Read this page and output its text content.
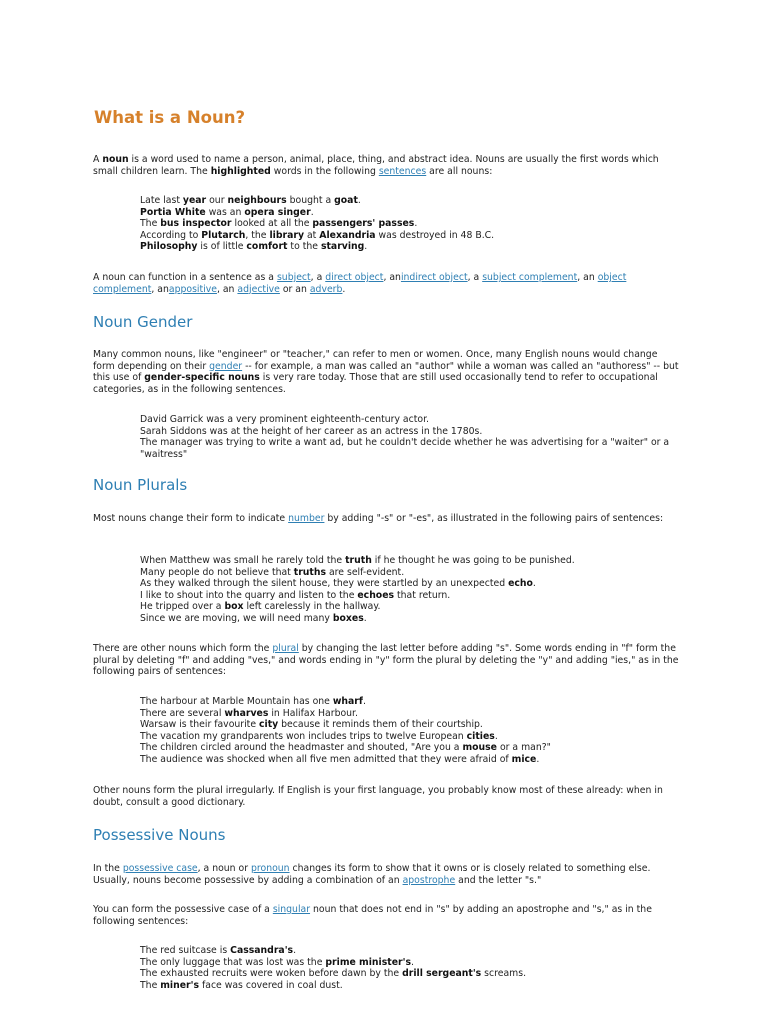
What is a Noun?

A noun is a word used to name a person, animal, place, thing, and abstract idea. Nouns are usually the first words which small children learn. The highlighted words in the following sentences are all nouns:

Late last year our neighbours bought a goat.
Portia White was an opera singer.
The bus inspector looked at all the passengers' passes.
According to Plutarch, the library at Alexandria was destroyed in 48 B.C.
Philosophy is of little comfort to the starving.

A noun can function in a sentence as a subject, a direct object, anindirect object, a subject complement, an object complement, anappositive, an adjective or an adverb.

Noun Gender

Many common nouns, like "engineer" or "teacher," can refer to men or women. Once, many English nouns would change form depending on their gender -- for example, a man was called an "author" while a woman was called an "authoress" -- but this use of gender-specific nouns is very rare today. Those that are still used occasionally tend to refer to occupational categories, as in the following sentences.

David Garrick was a very prominent eighteenth-century actor.
Sarah Siddons was at the height of her career as an actress in the 1780s.
The manager was trying to write a want ad, but he couldn't decide whether he was advertising for a "waiter" or a "waitress"
Noun Plurals

Most nouns change their form to indicate number by adding "-s" or "-es", as illustrated in the following pairs of sentences:

When Matthew was small he rarely told the truth if he thought he was going to be punished.
Many people do not believe that truths are self-evident.
As they walked through the silent house, they were startled by an unexpected echo.
I like to shout into the quarry and listen to the echoes that return.
He tripped over a box left carelessly in the hallway.
Since we are moving, we will need many boxes.

There are other nouns which form the plural by changing the last letter before adding "s". Some words ending in "f" form the plural by deleting "f" and adding "ves," and words ending in "y" form the plural by deleting the "y" and adding "ies," as in the following pairs of sentences:

The harbour at Marble Mountain has one wharf.
There are several wharves in Halifax Harbour.
Warsaw is their favourite city because it reminds them of their courtship.
The vacation my grandparents won includes trips to twelve European cities.
The children circled around the headmaster and shouted, "Are you a mouse or a man?"
The audience was shocked when all five men admitted that they were afraid of mice.

Other nouns form the plural irregularly. If English is your first language, you probably know most of these already: when in doubt, consult a good dictionary.

Possessive Nouns

In the possessive case, a noun or pronoun changes its form to show that it owns or is closely related to something else. Usually, nouns become possessive by adding a combination of an apostrophe and the letter "s."

You can form the possessive case of a singular noun that does not end in "s" by adding an apostrophe and "s," as in the following sentences:

The red suitcase is Cassandra's.
The only luggage that was lost was the prime minister's.
The exhausted recruits were woken before dawn by the drill sergeant's screams.
The miner's face was covered in coal dust.
